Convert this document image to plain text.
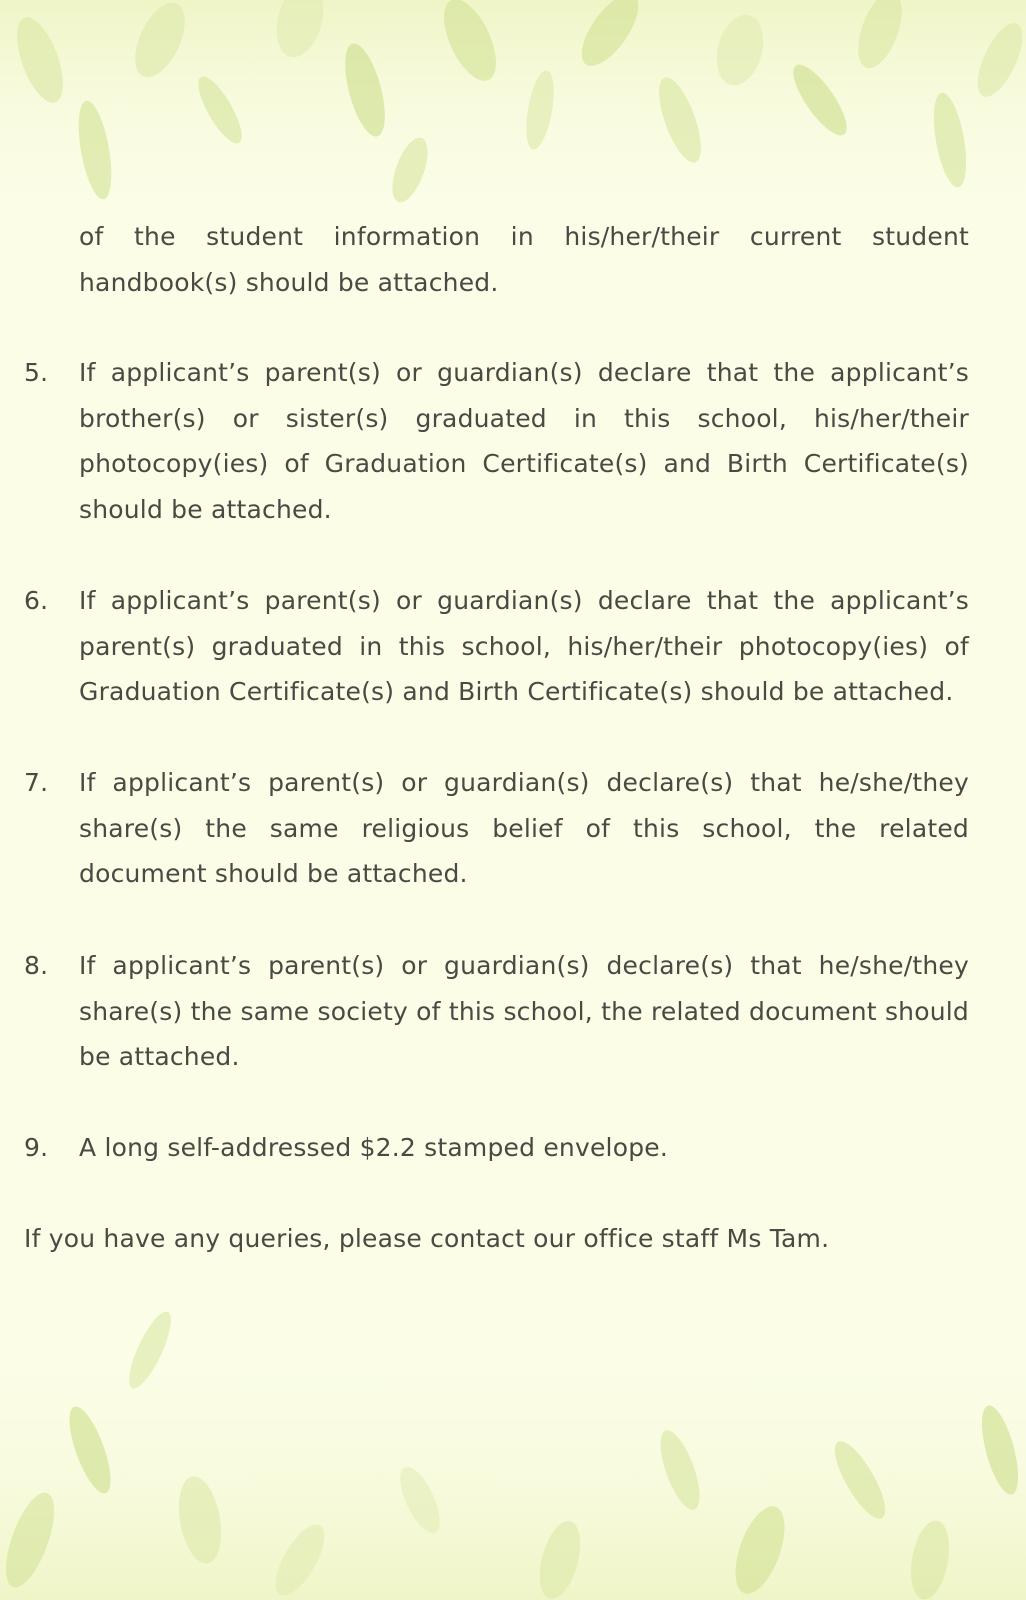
of the student information in his/her/their current student handbook(s) should be attached.
5.	If applicant’s parent(s) or guardian(s) declare that the applicant’s brother(s) or sister(s) graduated in this school, his/her/their photocopy(ies) of Graduation Certificate(s) and Birth Certificate(s) should be attached.
6.	If applicant’s parent(s) or guardian(s) declare that the applicant’s parent(s) graduated in this school, his/her/their photocopy(ies) of Graduation Certificate(s) and Birth Certificate(s) should be attached.
7.	If applicant’s parent(s) or guardian(s) declare(s) that he/she/they share(s) the same religious belief of this school, the related document should be attached.
8.	If applicant’s parent(s) or guardian(s) declare(s) that he/she/they share(s) the same society of this school, the related document should be attached.
9.	A long self-addressed $2.2 stamped envelope.
If you have any queries, please contact our office staff Ms Tam.
